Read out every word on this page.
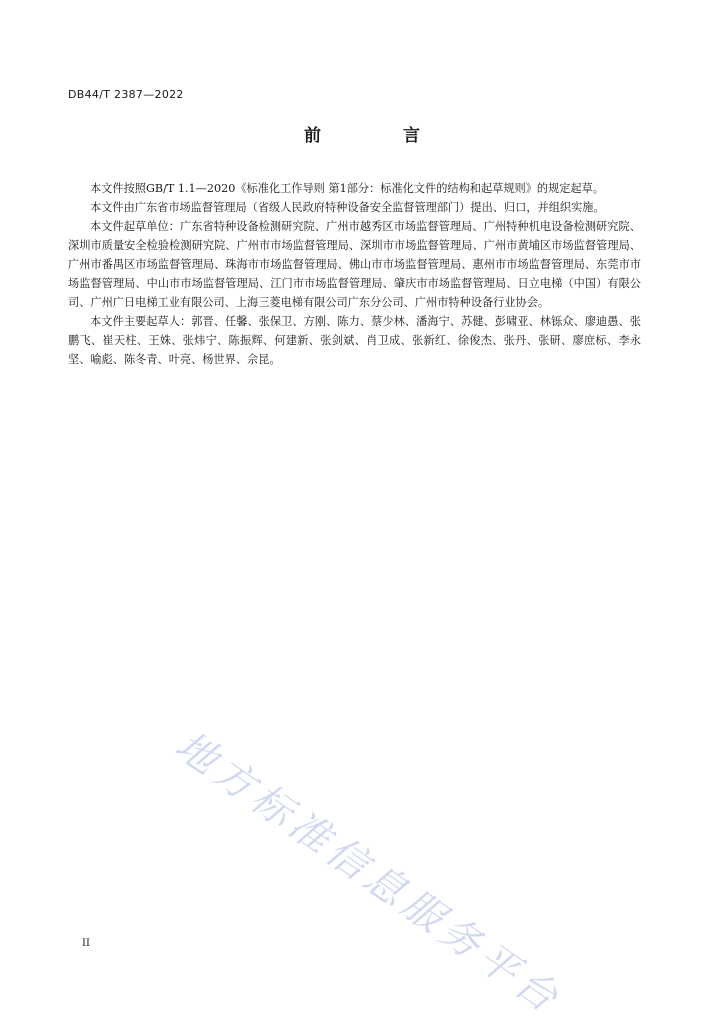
DB44/T 2387—2022
前 言

本文件按照GB/T 1.1—2020《标准化工作导则 第1部分：标准化文件的结构和起草规则》的规定起草。

本文件由广东省市场监督管理局（省级人民政府特种设备安全监督管理部门）提出、归口，并组织实施。

本文件起草单位：广东省特种设备检测研究院、广州市越秀区市场监督管理局、广州特种机电设备检测研究院、深圳市质量安全检验检测研究院、广州市市场监督管理局、深圳市市场监督管理局、广州市黄埔区市场监督管理局、广州市番禺区市场监督管理局、珠海市市场监督管理局、佛山市市场监督管理局、惠州市市场监督管理局、东莞市市场监督管理局、中山市市场监督管理局、江门市市场监督管理局、肇庆市市场监督管理局、日立电梯（中国）有限公司、广州广日电梯工业有限公司、上海三菱电梯有限公司广东分公司、广州市特种设备行业协会。

本文件主要起草人：郭晋、任馨、张保卫、方刚、陈力、蔡少林、潘海宁、苏健、彭啸亚、林铄众、廖迪愚、张鹏飞、崔天柱、王姝、张炜宁、陈振辉、何建新、张剑斌、肖卫成、张新红、徐俊杰、张丹、张研、廖庶标、李永坚、喻彪、陈冬青、叶亮、杨世界、佘昆。

地方标准信息服务平台
II
